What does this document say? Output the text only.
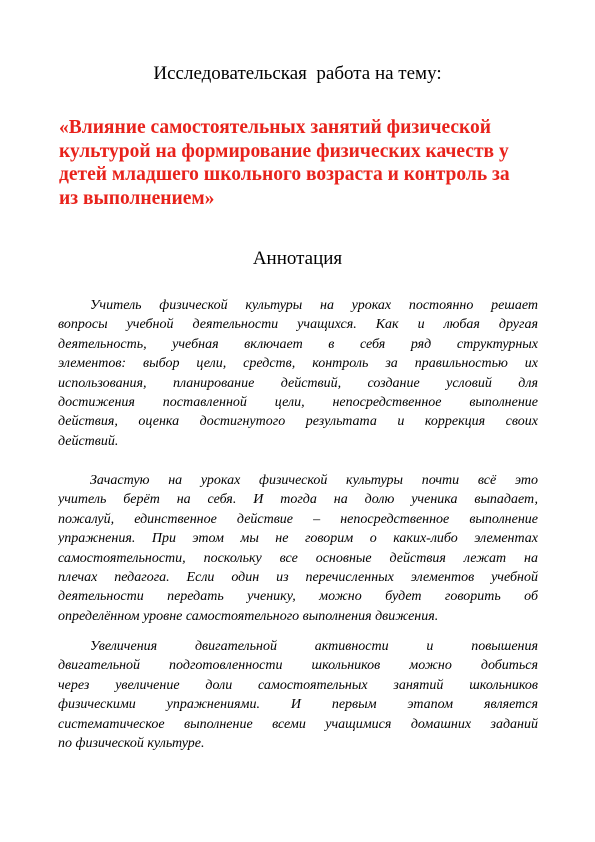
Исследовательская  работа на тему:
«Влияние самостоятельных занятий физической
культурой на формирование физических качеств у
детей младшего школьного возраста и контроль за
из выполнением»
Аннотация
Учитель физической культуры на уроках постоянно решает
вопросы учебной деятельности учащихся. Как и любая другая
деятельность, учебная включает в себя ряд структурных
элементов: выбор цели, средств, контроль за правильностью их
использования, планирование действий, создание условий для
достижения поставленной цели, непосредственное выполнение
действия, оценка достигнутого результата и коррекция своих
действий.
Зачастую на уроках физической культуры почти всё это
учитель берёт на себя. И тогда на долю ученика выпадает,
пожалуй, единственное действие – непосредственное выполнение
упражнения. При этом мы не говорим о каких-либо элементах
самостоятельности, поскольку все основные действия лежат на
плечах педагога. Если один из перечисленных элементов учебной
деятельности передать ученику, можно будет говорить об
определённом уровне самостоятельного выполнения движения.
Увеличения двигательной активности и повышения
двигательной подготовленности школьников можно добиться
через увеличение доли самостоятельных занятий школьников
физическими упражнениями. И первым этапом является
систематическое выполнение всеми учащимися домашних заданий
по физической культуре.
